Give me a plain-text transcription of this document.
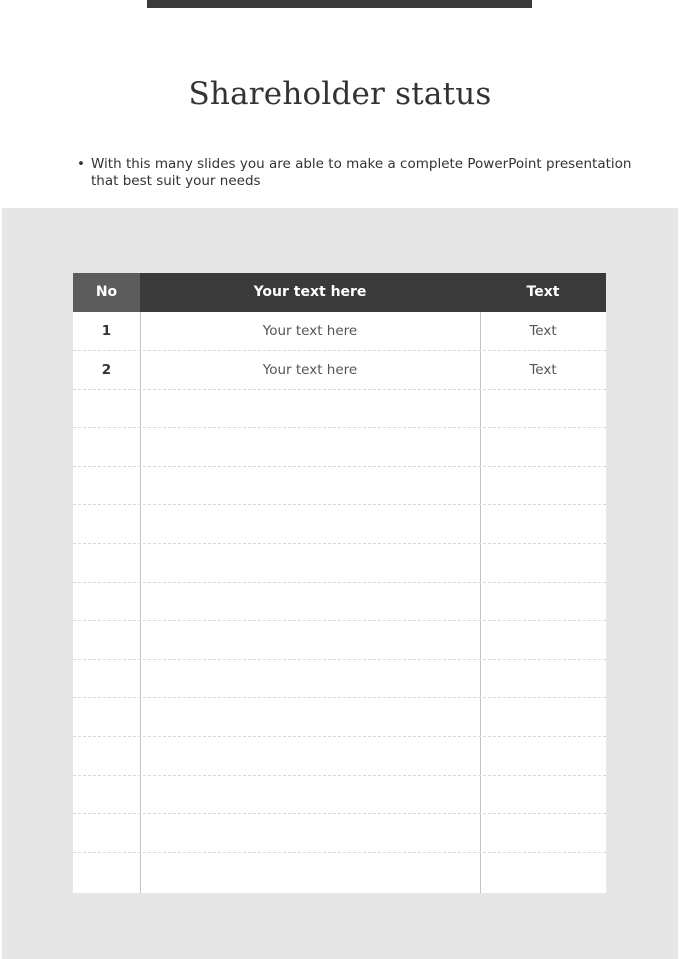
Shareholder status
• With this many slides you are able to make a complete PowerPoint presentation that best suit your needs
No	Your text here	Text
1	Your text here	Text
2	Your text here	Text
